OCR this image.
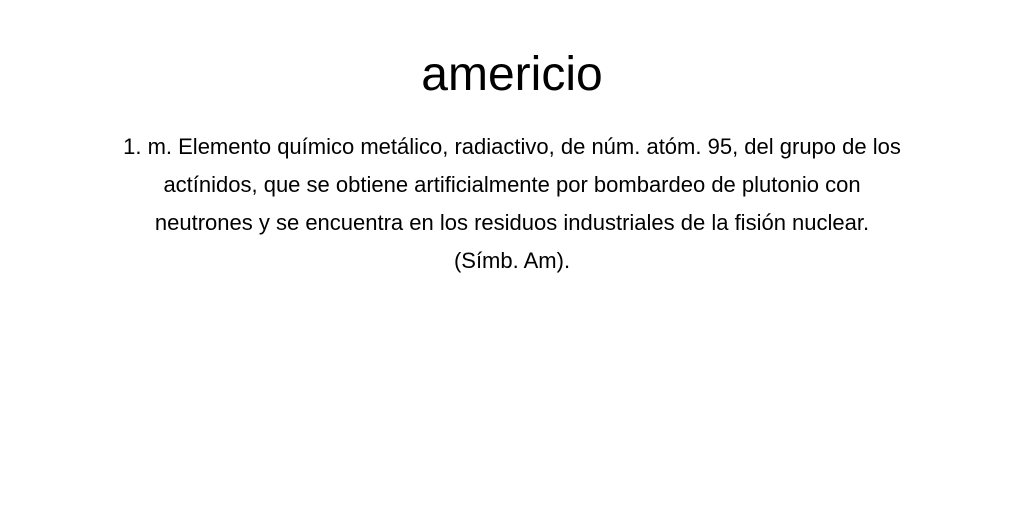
americio

1. m. Elemento químico metálico, radiactivo, de núm. atóm. 95, del grupo de los
actínidos, que se obtiene artificialmente por bombardeo de plutonio con
neutrones y se encuentra en los residuos industriales de la fisión nuclear.
(Símb. Am).
